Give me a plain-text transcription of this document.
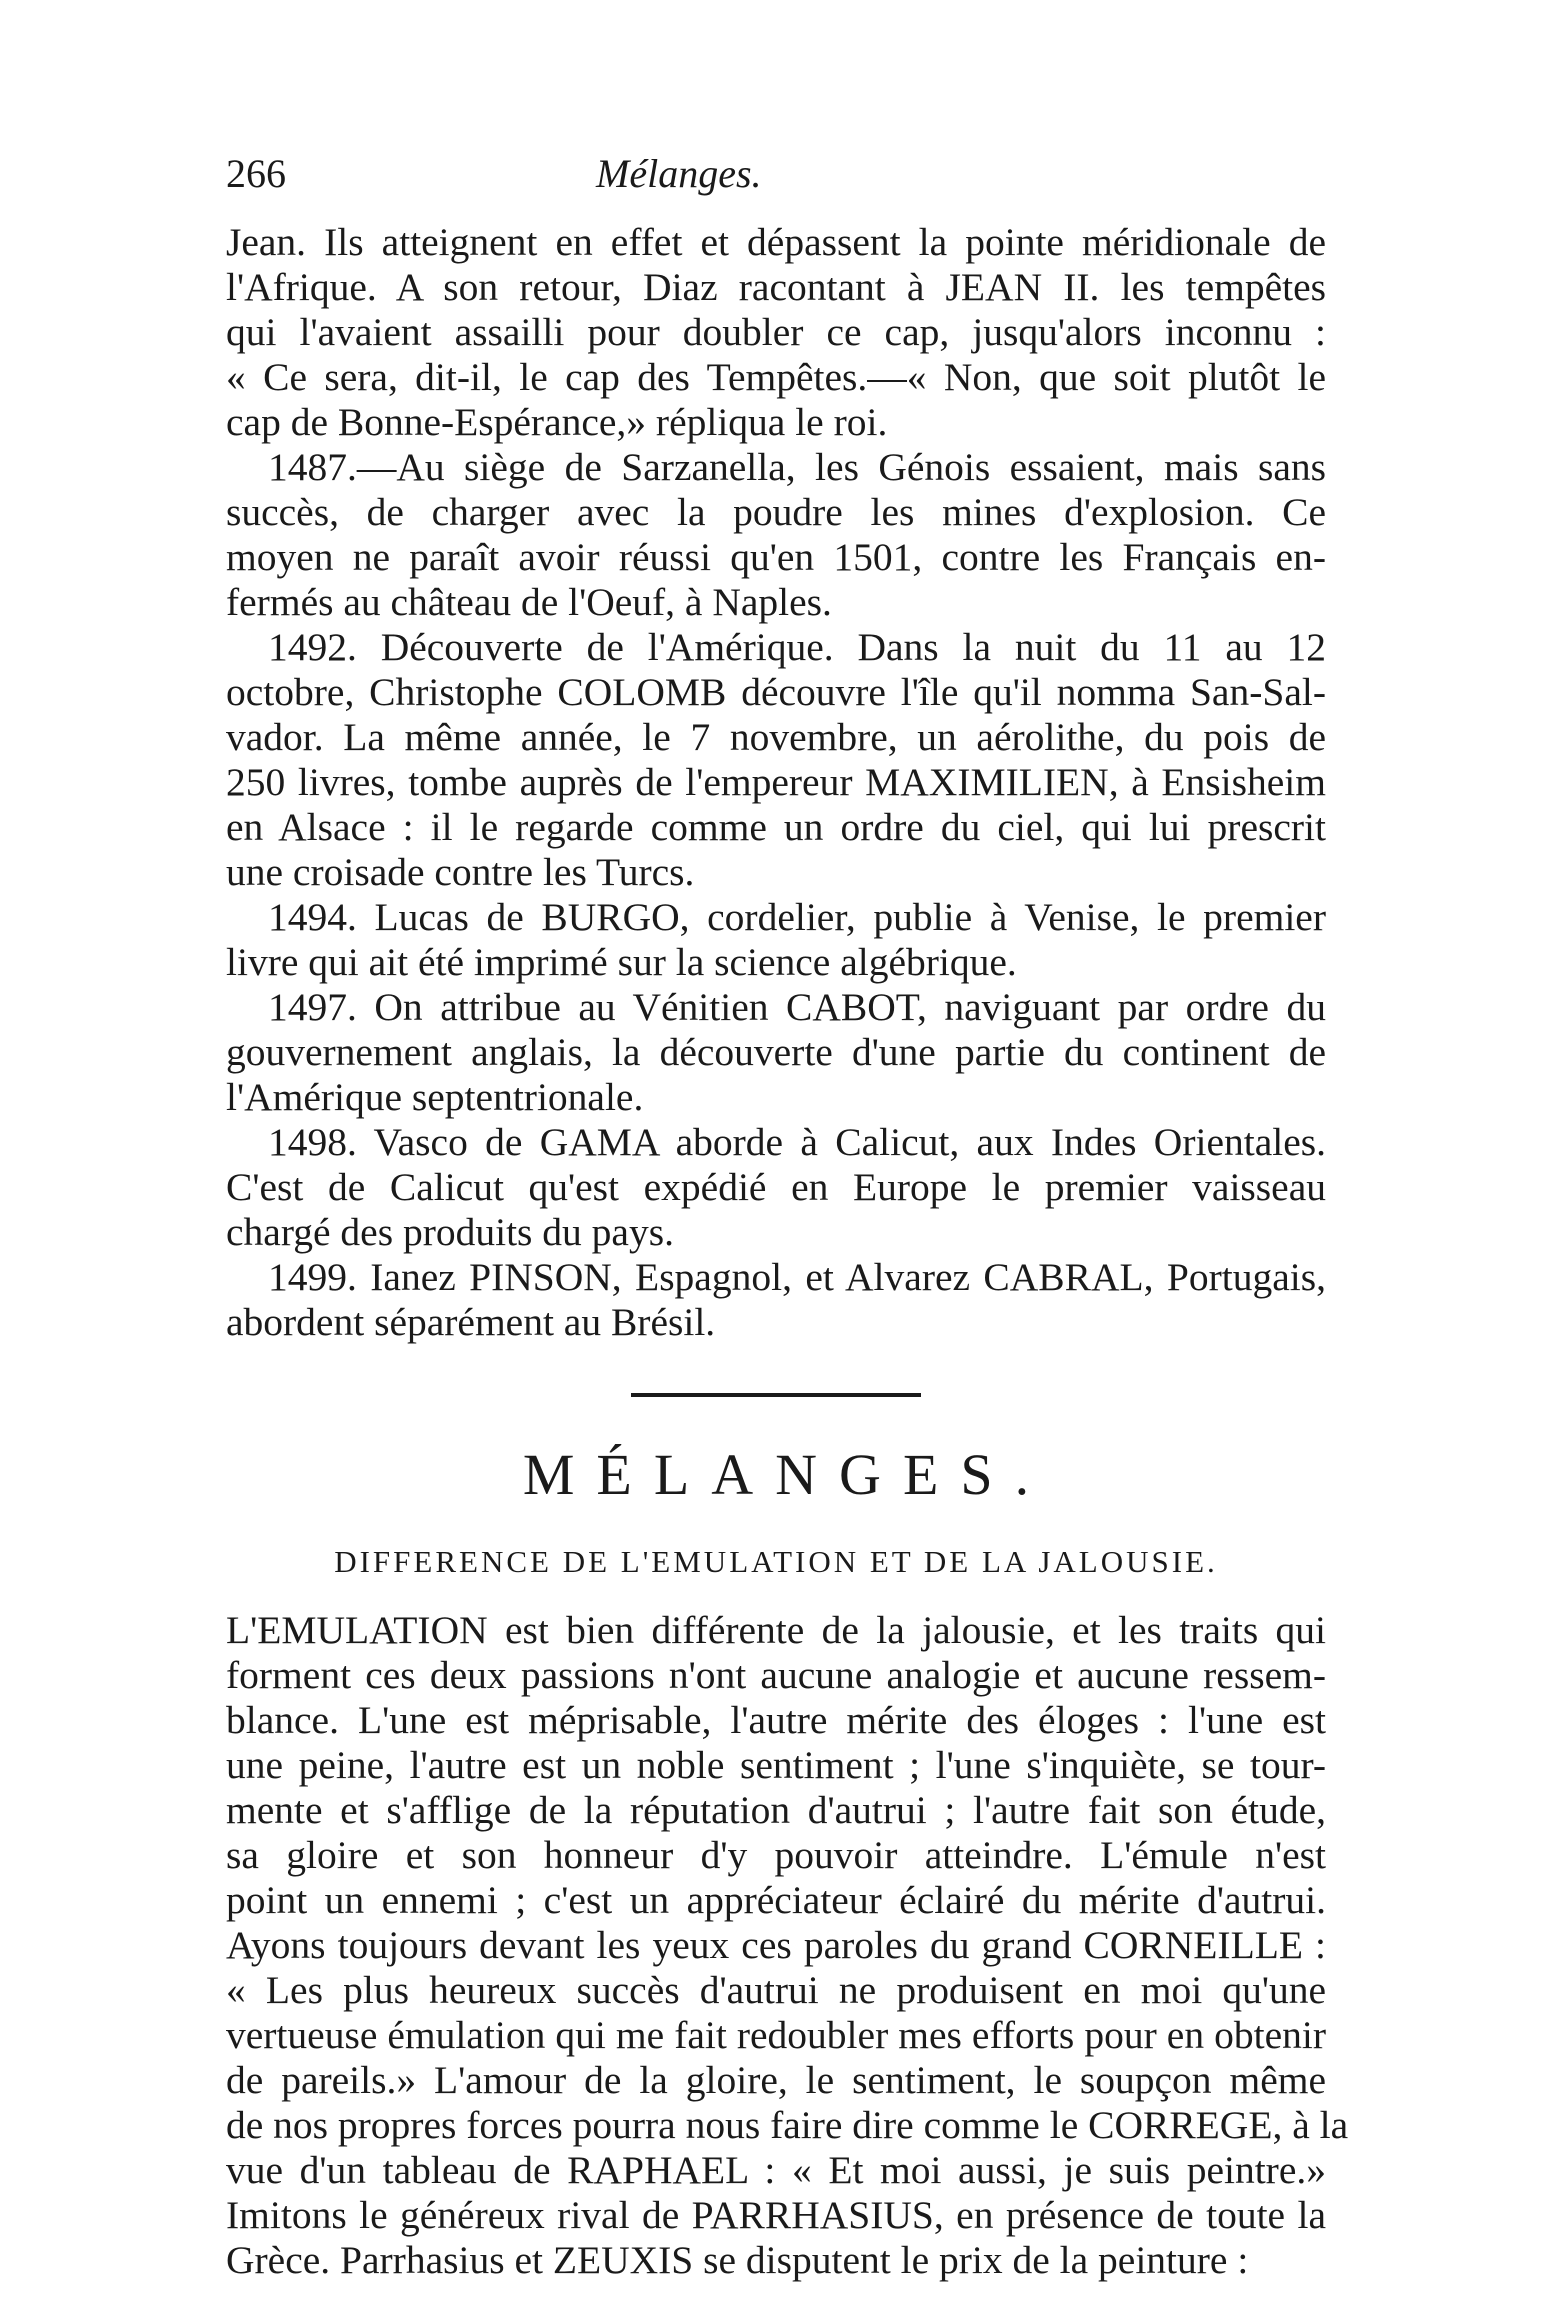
266	Mélanges.

Jean. Ils atteignent en effet et dépassent la pointe méridionale de
l'Afrique. A son retour, Diaz racontant à JEAN II. les tempêtes
qui l'avaient assailli pour doubler ce cap, jusqu'alors inconnu :
« Ce sera, dit-il, le cap des Tempêtes.—« Non, que soit plutôt le
cap de Bonne-Espérance,» répliqua le roi.

1487.—Au siège de Sarzanella, les Génois essaient, mais sans
succès, de charger avec la poudre les mines d'explosion. Ce
moyen ne paraît avoir réussi qu'en 1501, contre les Français en-
fermés au château de l'Oeuf, à Naples.

1492. Découverte de l'Amérique. Dans la nuit du 11 au 12
octobre, Christophe COLOMB découvre l'île qu'il nomma San-Sal-
vador. La même année, le 7 novembre, un aérolithe, du pois de
250 livres, tombe auprès de l'empereur MAXIMILIEN, à Ensisheim
en Alsace : il le regarde comme un ordre du ciel, qui lui prescrit
une croisade contre les Turcs.

1494. Lucas de BURGO, cordelier, publie à Venise, le premier
livre qui ait été imprimé sur la science algébrique.

1497. On attribue au Vénitien CABOT, naviguant par ordre du
gouvernement anglais, la découverte d'une partie du continent de
l'Amérique septentrionale.

1498. Vasco de GAMA aborde à Calicut, aux Indes Orientales.
C'est de Calicut qu'est expédié en Europe le premier vaisseau
chargé des produits du pays.

1499. Ianez PINSON, Espagnol, et Alvarez CABRAL, Portugais,
abordent séparément au Brésil.

MÉLANGES.
DIFFERENCE DE L'EMULATION ET DE LA JALOUSIE.

L'EMULATION est bien différente de la jalousie, et les traits qui
forment ces deux passions n'ont aucune analogie et aucune ressem-
blance. L'une est méprisable, l'autre mérite des éloges : l'une est
une peine, l'autre est un noble sentiment ; l'une s'inquiète, se tour-
mente et s'afflige de la réputation d'autrui ; l'autre fait son étude,
sa gloire et son honneur d'y pouvoir atteindre. L'émule n'est
point un ennemi ; c'est un appréciateur éclairé du mérite d'autrui.
Ayons toujours devant les yeux ces paroles du grand CORNEILLE :
« Les plus heureux succès d'autrui ne produisent en moi qu'une
vertueuse émulation qui me fait redoubler mes efforts pour en obtenir
de pareils.» L'amour de la gloire, le sentiment, le soupçon même
de nos propres forces pourra nous faire dire comme le CORREGE, à la
vue d'un tableau de RAPHAEL : « Et moi aussi, je suis peintre.»
Imitons le généreux rival de PARRHASIUS, en présence de toute la
Grèce. Parrhasius et ZEUXIS se disputent le prix de la peinture :
